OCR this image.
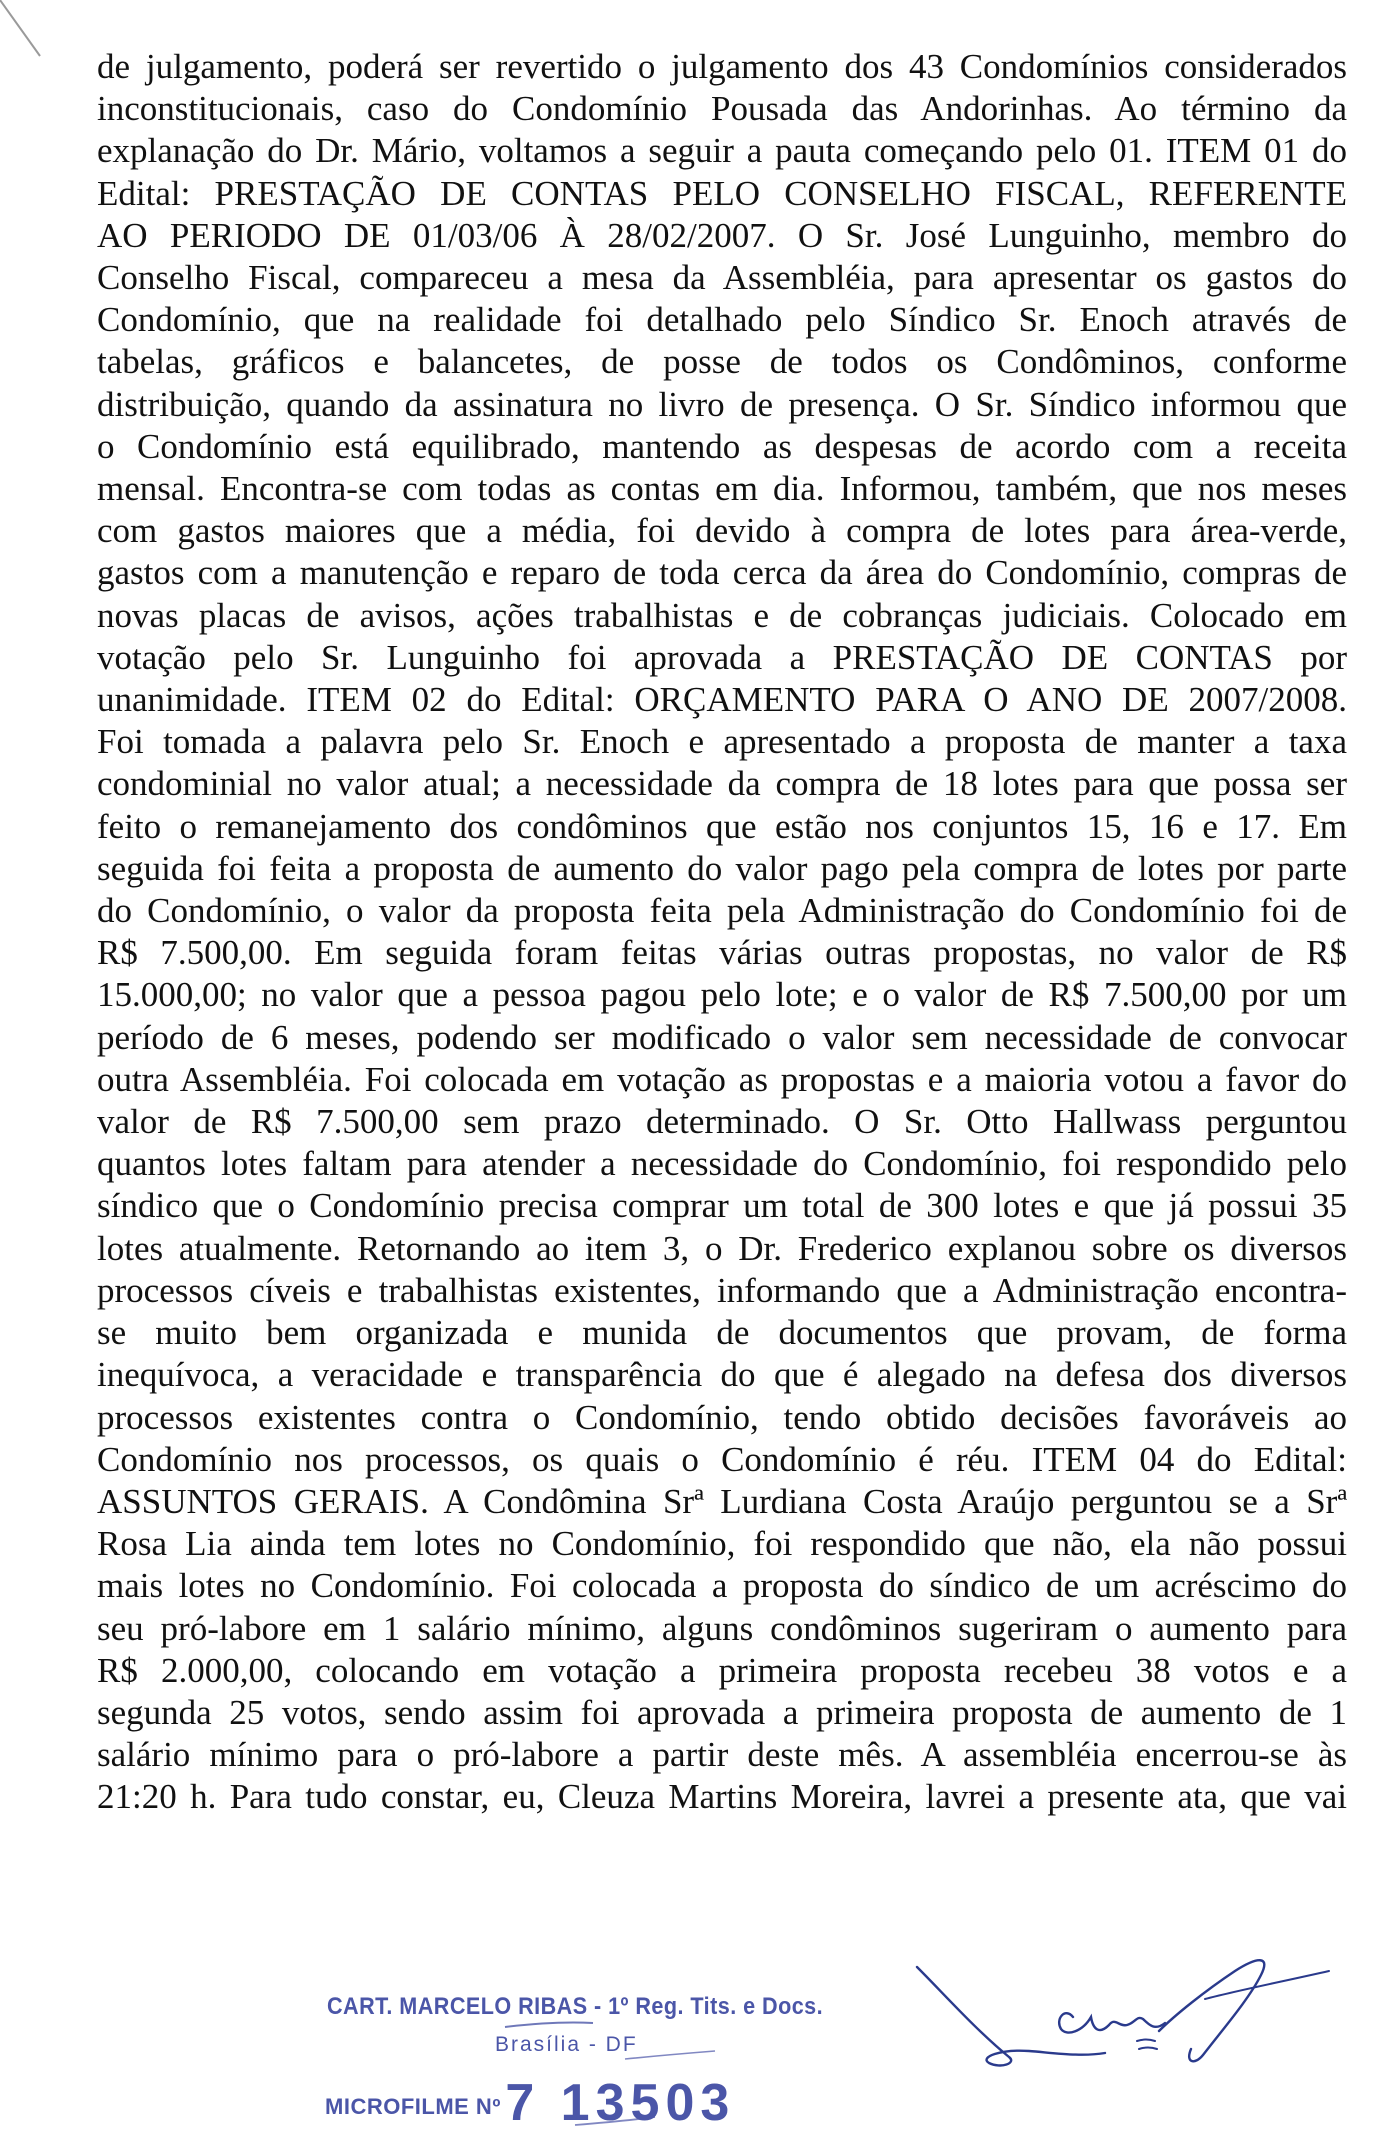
de julgamento, poderá ser revertido o julgamento dos 43 Condomínios considerados
inconstitucionais, caso do Condomínio Pousada das Andorinhas. Ao término da
explanação do Dr. Mário, voltamos a seguir a pauta começando pelo 01. ITEM 01 do
Edital: PRESTAÇÃO DE CONTAS PELO CONSELHO FISCAL, REFERENTE
AO PERIODO DE 01/03/06 À 28/02/2007. O Sr. José Lunguinho, membro do
Conselho Fiscal, compareceu a mesa da Assembléia, para apresentar os gastos do
Condomínio, que na realidade foi detalhado pelo Síndico Sr. Enoch através de
tabelas, gráficos e balancetes, de posse de todos os Condôminos, conforme
distribuição, quando da assinatura no livro de presença. O Sr. Síndico informou que
o Condomínio está equilibrado, mantendo as despesas de acordo com a receita
mensal. Encontra-se com todas as contas em dia. Informou, também, que nos meses
com gastos maiores que a média, foi devido à compra de lotes para área-verde,
gastos com a manutenção e reparo de toda cerca da área do Condomínio, compras de
novas placas de avisos, ações trabalhistas e de cobranças judiciais. Colocado em
votação pelo Sr. Lunguinho foi aprovada a PRESTAÇÃO DE CONTAS por
unanimidade. ITEM 02 do Edital: ORÇAMENTO PARA O ANO DE 2007/2008.
Foi tomada a palavra pelo Sr. Enoch e apresentado a proposta de manter a taxa
condominial no valor atual; a necessidade da compra de 18 lotes para que possa ser
feito o remanejamento dos condôminos que estão nos conjuntos 15, 16 e 17. Em
seguida foi feita a proposta de aumento do valor pago pela compra de lotes por parte
do Condomínio, o valor da proposta feita pela Administração do Condomínio foi de
R$ 7.500,00. Em seguida foram feitas várias outras propostas, no valor de R$
15.000,00; no valor que a pessoa pagou pelo lote; e o valor de R$ 7.500,00 por um
período de 6 meses, podendo ser modificado o valor sem necessidade de convocar
outra Assembléia. Foi colocada em votação as propostas e a maioria votou a favor do
valor de R$ 7.500,00 sem prazo determinado. O Sr. Otto Hallwass perguntou
quantos lotes faltam para atender a necessidade do Condomínio, foi respondido pelo
síndico que o Condomínio precisa comprar um total de 300 lotes e que já possui 35
lotes atualmente. Retornando ao item 3, o Dr. Frederico explanou sobre os diversos
processos cíveis e trabalhistas existentes, informando que a Administração encontra-
se muito bem organizada e munida de documentos que provam, de forma
inequívoca, a veracidade e transparência do que é alegado na defesa dos diversos
processos existentes contra o Condomínio, tendo obtido decisões favoráveis ao
Condomínio nos processos, os quais o Condomínio é réu. ITEM 04 do Edital:
ASSUNTOS GERAIS. A Condômina Srª Lurdiana Costa Araújo perguntou se a Srª
Rosa Lia ainda tem lotes no Condomínio, foi respondido que não, ela não possui
mais lotes no Condomínio. Foi colocada a proposta do síndico de um acréscimo do
seu pró-labore em 1 salário mínimo, alguns condôminos sugeriram o aumento para
R$ 2.000,00, colocando em votação a primeira proposta recebeu 38 votos e a
segunda 25 votos, sendo assim foi aprovada a primeira proposta de aumento de 1
salário mínimo para o pró-labore a partir deste mês. A assembléia encerrou-se às
21:20 h. Para tudo constar, eu, Cleuza Martins Moreira, lavrei a presente ata, que vai
CART. MARCELO RIBAS - 1º Reg. Tits. e Docs.
Brasília - DF
MICROFILME Nº 7 13503
